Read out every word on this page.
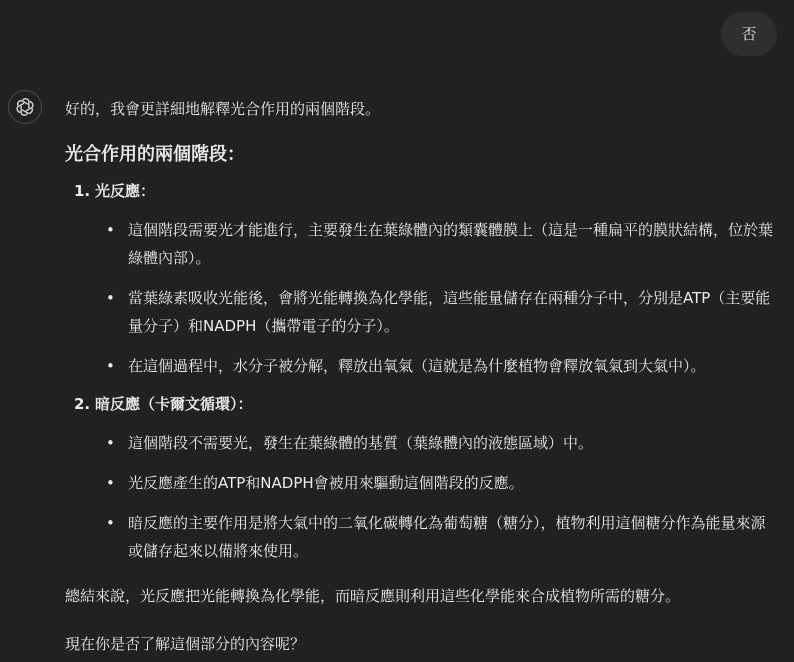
否

好的，我會更詳細地解釋光合作用的兩個階段。

光合作用的兩個階段：
1. 光反應：
• 這個階段需要光才能進行，主要發生在葉綠體內的類囊體膜上（這是一種扁平的膜狀結構，位於葉綠體內部）。
• 當葉綠素吸收光能後，會將光能轉換為化學能，這些能量儲存在兩種分子中，分別是ATP（主要能量分子）和NADPH（攜帶電子的分子）。
• 在這個過程中，水分子被分解，釋放出氧氣（這就是為什麼植物會釋放氧氣到大氣中）。
2. 暗反應（卡爾文循環）：
• 這個階段不需要光，發生在葉綠體的基質（葉綠體內的液態區域）中。
• 光反應產生的ATP和NADPH會被用來驅動這個階段的反應。
• 暗反應的主要作用是將大氣中的二氧化碳轉化為葡萄糖（糖分），植物利用這個糖分作為能量來源或儲存起來以備將來使用。

總結來說，光反應把光能轉換為化學能，而暗反應則利用這些化學能來合成植物所需的糖分。

現在你是否了解這個部分的內容呢？
